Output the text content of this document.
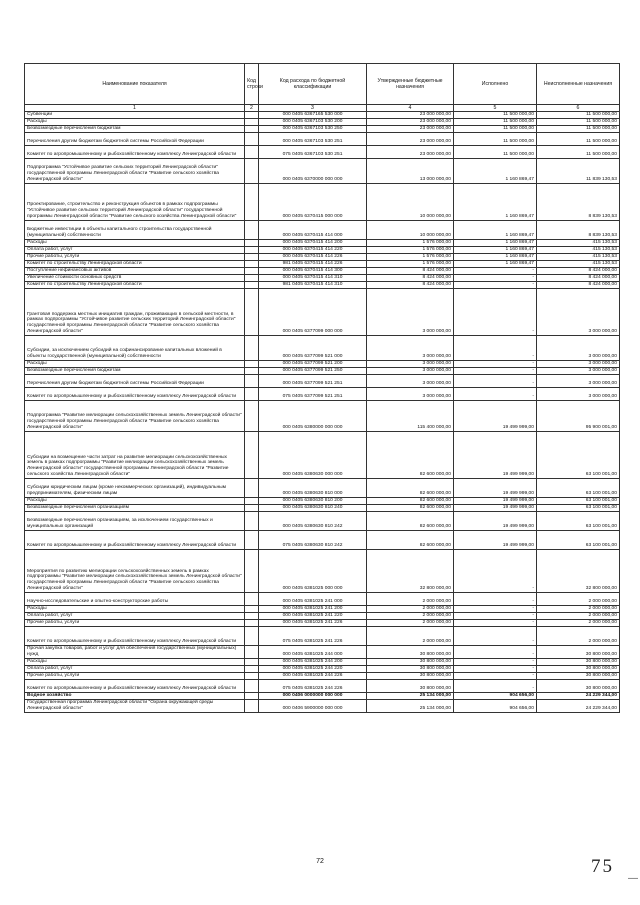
Наименование показателя	Код строки	Код расхода по бюджетной классификации	Утвержденные бюджетные назначения	Исполнено	Неисполненные назначения
1	2	3	4	5	6
Субвенции		000 0405 6367165 530 000	23 000 000,00	11 500 000,00	11 500 000,00
Расходы		000 0405 6367103 530 200	23 000 000,00	11 500 000,00	11 500 000,00
Безвозмездные перечисления бюджетам		000 0405 6367103 530 250	23 000 000,00	11 500 000,00	11 500 000,00
Перечисления другим бюджетам бюджетной системы Российской Федерации		000 0405 6367103 530 251	23 000 000,00	11 500 000,00	11 500 000,00
Комитет по агропромышленному и рыбохозяйственному комплексу Ленинградской области		075 0405 6367103 530 251	23 000 000,00	11 500 000,00	11 500 000,00
Подпрограмма "Устойчивое развитие сельских территорий Ленинградской области" государственной программы Ленинградской области "Развитие сельского хозяйства Ленинградской области"		000 0405 6370000 000 000	13 000 000,00	1 160 869,47	11 839 130,53
Проектирование, строительство и реконструкция объектов в рамках подпрограммы "Устойчивое развитие сельских территорий Ленинградской области" государственной программы Ленинградской области "Развитие сельского хозяйства Ленинградской области"		000 0405 6370415 000 000	10 000 000,00	1 160 869,47	8 839 130,53
Бюджетные инвестиции в объекты капитального строительства государственной (муниципальной) собственности		000 0405 6370415 414 000	10 000 000,00	1 160 869,47	8 839 130,53
Расходы		000 0405 6370415 414 200	1 576 000,00	1 160 869,47	415 130,53
Оплата работ, услуг		000 0405 6370415 414 220	1 576 000,00	1 160 869,47	415 130,53
Прочие работы, услуги		000 0405 6370415 414 226	1 576 000,00	1 160 869,47	415 130,53
Комитет по строительству Ленинградской области		981 0405 6370415 414 226	1 576 000,00	1 160 869,47	415 130,53
Поступление нефинансовых активов		000 0405 6370415 414 300	8 424 000,00	-	8 424 000,00
Увеличение стоимости основных средств		000 0405 6370415 414 310	8 424 000,00	-	8 424 000,00
Комитет по строительству Ленинградской области		981 0405 6370415 414 310	8 424 000,00	-	8 424 000,00
Грантовая поддержка местных инициатив граждан, проживающих в сельской местности, в рамках подпрограммы "Устойчивое развитие сельских территорий Ленинградской области" государственной программы Ленинградской области "Развитие сельского хозяйства Ленинградской области"		000 0405 6377099 000 000	3 000 000,00	-	3 000 000,00
Субсидии, за исключением субсидий на софинансирование капитальных вложений в объекты государственной (муниципальной) собственности		000 0405 6377099 521 000	3 000 000,00	-	3 000 000,00
Расходы		000 0405 6377099 521 200	3 000 000,00	-	3 000 000,00
Безвозмездные перечисления бюджетам		000 0405 6377099 521 250	3 000 000,00	-	3 000 000,00
Перечисления другим бюджетам бюджетной системы Российской Федерации		000 0405 6377099 521 251	3 000 000,00	-	3 000 000,00
Комитет по агропромышленному и рыбохозяйственному комплексу Ленинградской области		075 0405 6377099 521 251	3 000 000,00	-	3 000 000,00
Подпрограмма "Развитие мелиорации сельскохозяйственных земель Ленинградской области" государственной программы Ленинградской области "Развитие сельского хозяйства Ленинградской области"		000 0405 6380000 000 000	115 400 000,00	19 499 999,00	95 900 001,00
Субсидии на возмещение части затрат на развитие мелиорации сельскохозяйственных земель в рамках подпрограммы "Развитие мелиорации сельскохозяйственных земель Ленинградской области" государственной программы Ленинградской области "Развитие сельского хозяйства Ленинградской области"		000 0405 6380630 000 000	82 600 000,00	19 499 999,00	63 100 001,00
Субсидии юридическим лицам (кроме некоммерческих организаций), индивидуальным предпринимателям, физическим лицам		000 0405 6380630 810 000	82 600 000,00	19 499 999,00	63 100 001,00
Расходы		000 0405 6380630 810 200	82 600 000,00	19 499 999,00	63 100 001,00
Безвозмездные перечисления организациям		000 0405 6380630 810 240	82 600 000,00	19 499 999,00	63 100 001,00
Безвозмездные перечисления организациям, за исключением государственных и муниципальных организаций		000 0405 6380630 810 242	82 600 000,00	19 499 999,00	63 100 001,00
Комитет по агропромышленному и рыбохозяйственному комплексу Ленинградской области		075 0405 6380630 810 242	82 600 000,00	19 499 999,00	63 100 001,00
Мероприятия по развитию мелиорации сельскохозяйственных земель в рамках подпрограммы "Развитие мелиорации сельскохозяйственных земель Ленинградской области" государственной программы Ленинградской области "Развитие сельского хозяйства Ленинградской области"		000 0405 6381025 000 000	32 800 000,00	-	32 800 000,00
Научно-исследовательские и опытно-конструкторские работы		000 0405 6381025 241 000	2 000 000,00	-	2 000 000,00
Расходы		000 0405 6381025 241 200	2 000 000,00	-	2 000 000,00
Оплата работ, услуг		000 0405 6381025 241 220	2 000 000,00	-	2 000 000,00
Прочие работы, услуги		000 0405 6381025 241 226	2 000 000,00	-	2 000 000,00
Комитет по агропромышленному и рыбохозяйственному комплексу Ленинградской области		075 0405 6381025 241 226	2 000 000,00	-	2 000 000,00
Прочая закупка товаров, работ и услуг для обеспечения государственных (муниципальных) нужд		000 0405 6381025 244 000	30 800 000,00	-	30 800 000,00
Расходы		000 0405 6381025 244 200	30 800 000,00	-	30 800 000,00
Оплата работ, услуг		000 0405 6381025 244 220	30 800 000,00	-	30 800 000,00
Прочие работы, услуги		000 0405 6381025 244 226	30 800 000,00	-	30 800 000,00
Комитет по агропромышленному и рыбохозяйственному комплексу Ленинградской области		075 0405 6381025 244 226	30 800 000,00	-	30 800 000,00
Водное хозяйство		000 0406 0000000 000 000	25 134 000,00	904 656,00	24 229 344,00
Государственная программа Ленинградской области "Охрана окружающей среды Ленинградской области"		000 0406 5900000 000 000	25 134 000,00	904 656,00	24 229 344,00
72	75
—
